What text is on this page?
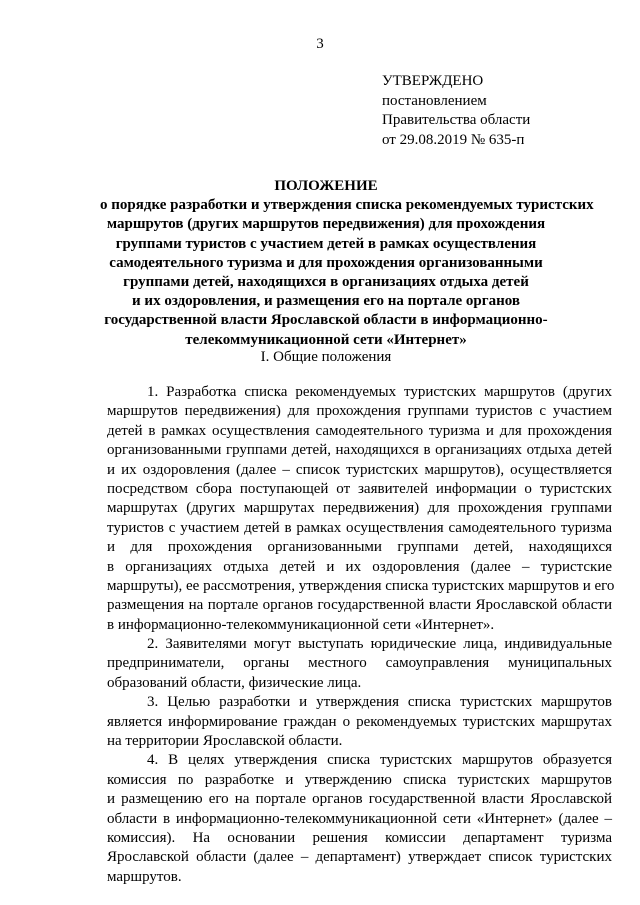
3
УТВЕРЖДЕНО
постановлением
Правительства области
от 29.08.2019 № 635-п
ПОЛОЖЕНИЕ
о порядке разработки и утверждения списка рекомендуемых туристских
маршрутов (других маршрутов передвижения) для прохождения
группами туристов с участием детей в рамках осуществления
самодеятельного туризма и для прохождения организованными
группами детей, находящихся в организациях отдыха детей
и их оздоровления, и размещения его на портале органов
государственной власти Ярославской области в информационно-
телекоммуникационной сети «Интернет»
I. Общие положения
1. Разработка списка рекомендуемых туристских маршрутов (других
маршрутов передвижения) для прохождения группами туристов с участием
детей в рамках осуществления самодеятельного туризма и для прохождения
организованными группами детей, находящихся в организациях отдыха детей
и их оздоровления (далее – список туристских маршрутов), осуществляется
посредством сбора поступающей от заявителей информации о туристских
маршрутах (других маршрутах передвижения) для прохождения группами
туристов с участием детей в рамках осуществления самодеятельного туризма
и для прохождения организованными группами детей, находящихся
в организациях отдыха детей и их оздоровления (далее – туристские
маршруты), ее рассмотрения, утверждения списка туристских маршрутов и его
размещения на портале органов государственной власти Ярославской области
в информационно-телекоммуникационной сети «Интернет».
2. Заявителями могут выступать юридические лица, индивидуальные
предприниматели, органы местного самоуправления муниципальных
образований области, физические лица.
3. Целью разработки и утверждения списка туристских маршрутов
является информирование граждан о рекомендуемых туристских маршрутах
на территории Ярославской области.
4. В целях утверждения списка туристских маршрутов образуется
комиссия по разработке и утверждению списка туристских маршрутов
и размещению его на портале органов государственной власти Ярославской
области в информационно-телекоммуникационной сети «Интернет» (далее –
комиссия). На основании решения комиссии департамент туризма
Ярославской области (далее – департамент) утверждает список туристских
маршрутов.
